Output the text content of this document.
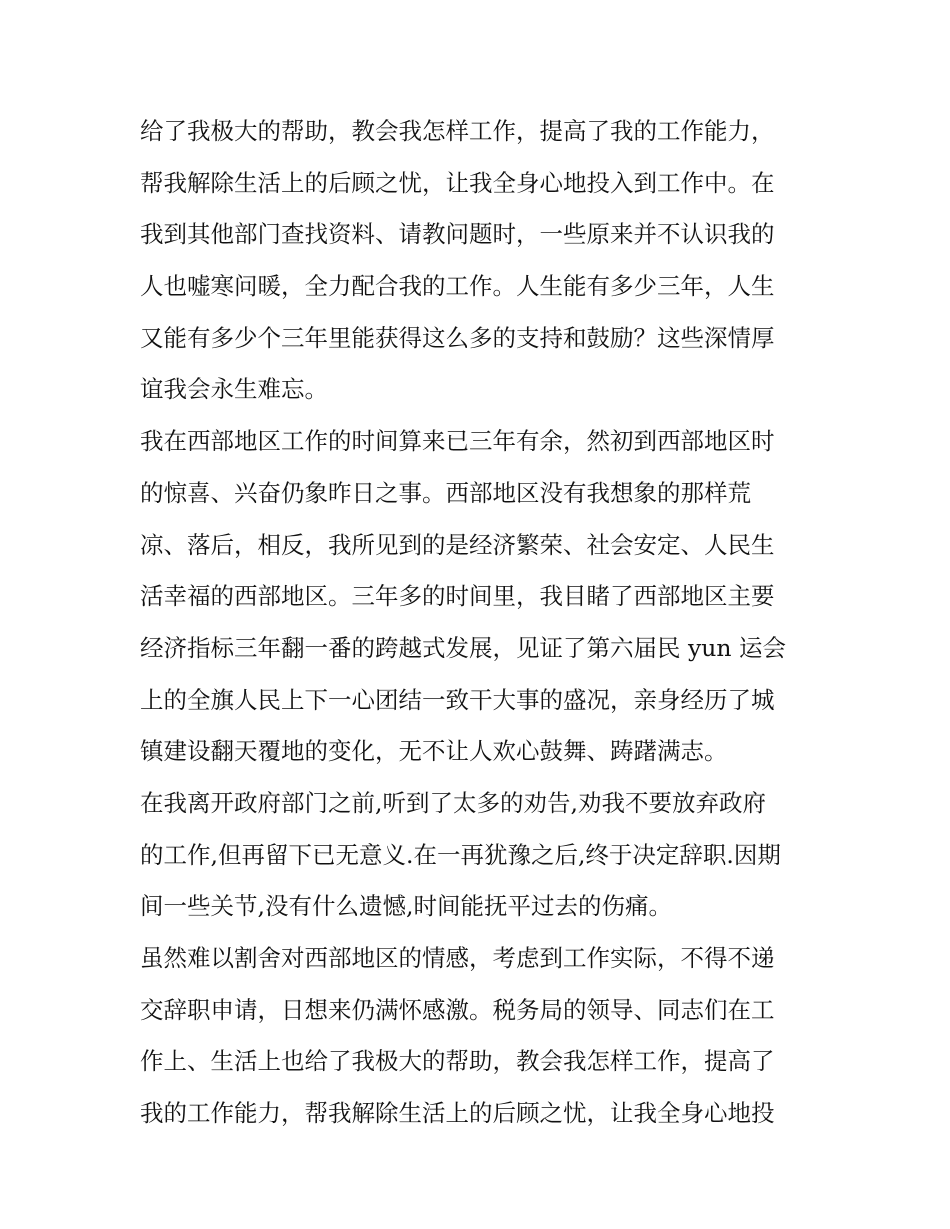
给了我极大的帮助，教会我怎样工作，提高了我的工作能力，
帮我解除生活上的后顾之忧，让我全身心地投入到工作中。在
我到其他部门查找资料、请教问题时，一些原来并不认识我的
人也嘘寒问暖，全力配合我的工作。人生能有多少三年，人生
又能有多少个三年里能获得这么多的支持和鼓励？这些深情厚
谊我会永生难忘。
我在西部地区工作的时间算来已三年有余，然初到西部地区时
的惊喜、兴奋仍象昨日之事。西部地区没有我想象的那样荒
凉、落后，相反，我所见到的是经济繁荣、社会安定、人民生
活幸福的西部地区。三年多的时间里，我目睹了西部地区主要
经济指标三年翻一番的跨越式发展，见证了第六届民 yun 运会
上的全旗人民上下一心团结一致干大事的盛况，亲身经历了城
镇建设翻天覆地的变化，无不让人欢心鼓舞、踌躇满志。
在我离开政府部门之前,听到了太多的劝告,劝我不要放弃政府
的工作,但再留下已无意义.在一再犹豫之后,终于决定辞职.因期
间一些关节,没有什么遗憾,时间能抚平过去的伤痛。
虽然难以割舍对西部地区的情感，考虑到工作实际，不得不递
交辞职申请，日想来仍满怀感激。税务局的领导、同志们在工
作上、生活上也给了我极大的帮助，教会我怎样工作，提高了
我的工作能力，帮我解除生活上的后顾之忧，让我全身心地投
